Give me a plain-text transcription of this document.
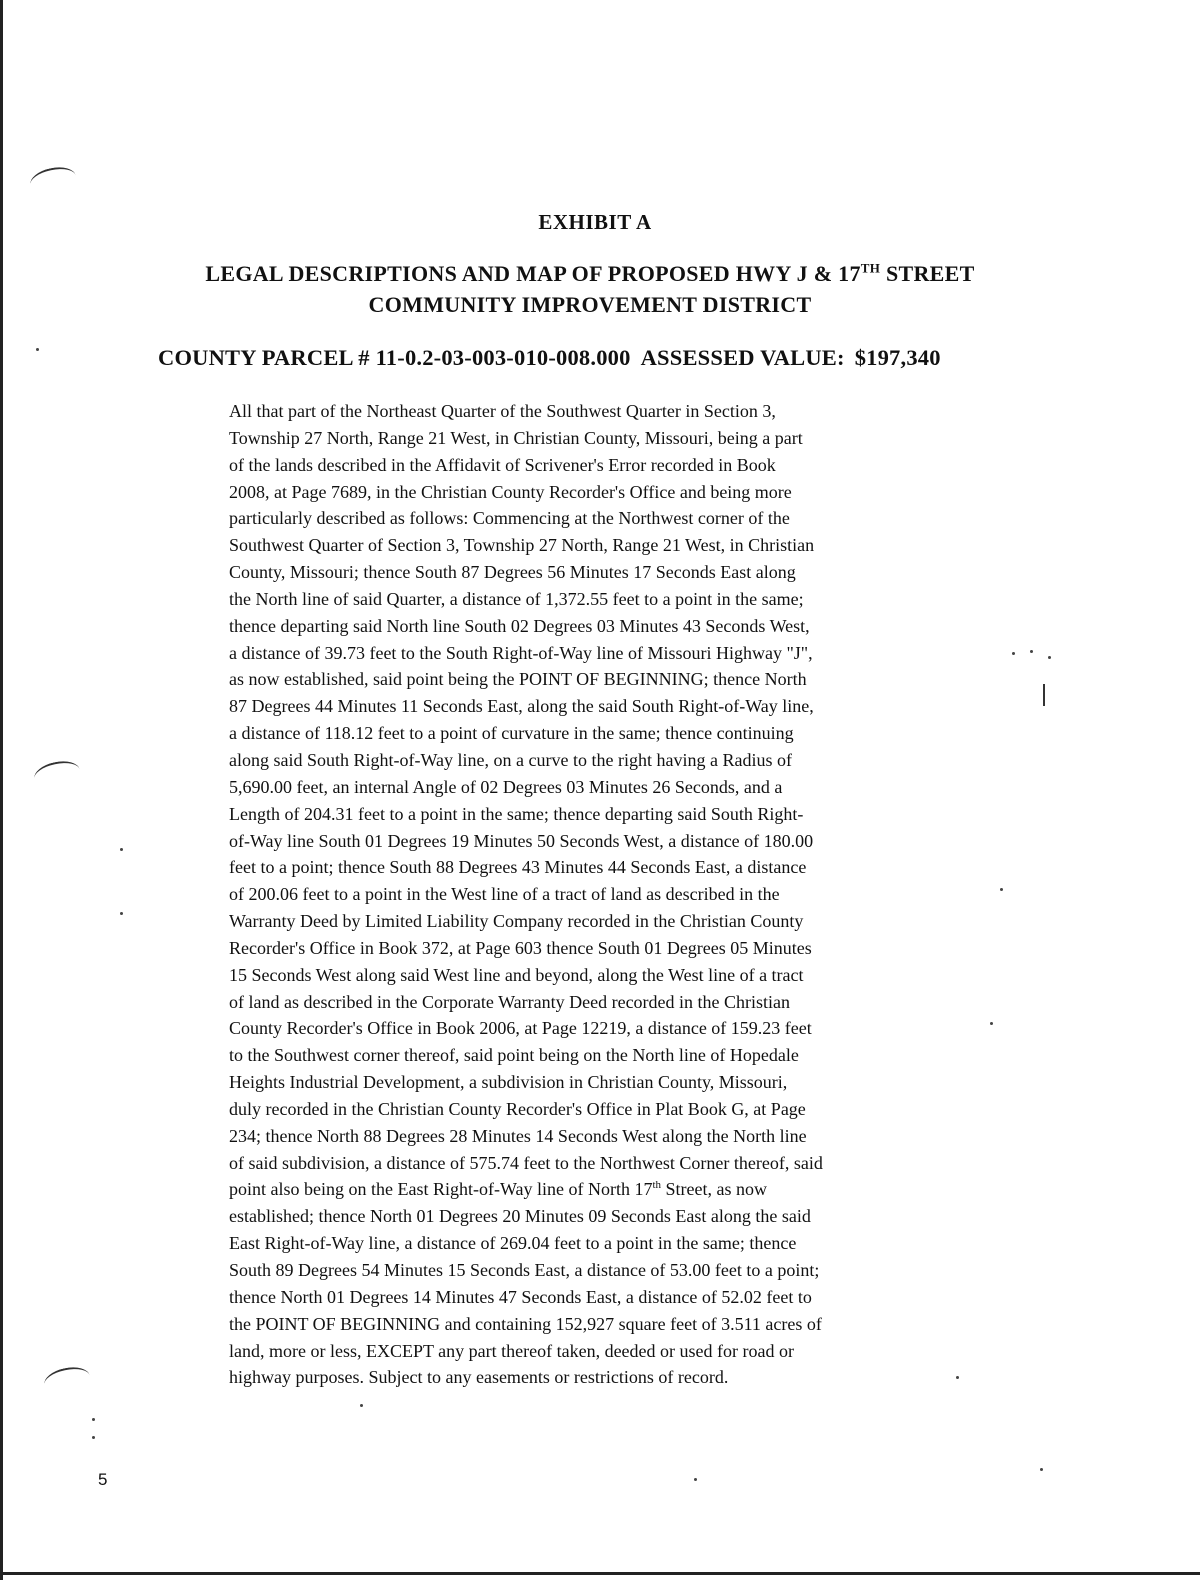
EXHIBIT A
LEGAL DESCRIPTIONS AND MAP OF PROPOSED HWY J & 17TH STREET
COMMUNITY IMPROVEMENT DISTRICT
COUNTY PARCEL # 11-0.2-03-003-010-008.000 ASSESSED VALUE: $197,340
All that part of the Northeast Quarter of the Southwest Quarter in Section 3,
Township 27 North, Range 21 West, in Christian County, Missouri, being a part
of the lands described in the Affidavit of Scrivener's Error recorded in Book
2008, at Page 7689, in the Christian County Recorder's Office and being more
particularly described as follows: Commencing at the Northwest corner of the
Southwest Quarter of Section 3, Township 27 North, Range 21 West, in Christian
County, Missouri; thence South 87 Degrees 56 Minutes 17 Seconds East along
the North line of said Quarter, a distance of 1,372.55 feet to a point in the same;
thence departing said North line South 02 Degrees 03 Minutes 43 Seconds West,
a distance of 39.73 feet to the South Right-of-Way line of Missouri Highway "J",
as now established, said point being the POINT OF BEGINNING; thence North
87 Degrees 44 Minutes 11 Seconds East, along the said South Right-of-Way line,
a distance of 118.12 feet to a point of curvature in the same; thence continuing
along said South Right-of-Way line, on a curve to the right having a Radius of
5,690.00 feet, an internal Angle of 02 Degrees 03 Minutes 26 Seconds, and a
Length of 204.31 feet to a point in the same; thence departing said South Right-
of-Way line South 01 Degrees 19 Minutes 50 Seconds West, a distance of 180.00
feet to a point; thence South 88 Degrees 43 Minutes 44 Seconds East, a distance
of 200.06 feet to a point in the West line of a tract of land as described in the
Warranty Deed by Limited Liability Company recorded in the Christian County
Recorder's Office in Book 372, at Page 603 thence South 01 Degrees 05 Minutes
15 Seconds West along said West line and beyond, along the West line of a tract
of land as described in the Corporate Warranty Deed recorded in the Christian
County Recorder's Office in Book 2006, at Page 12219, a distance of 159.23 feet
to the Southwest corner thereof, said point being on the North line of Hopedale
Heights Industrial Development, a subdivision in Christian County, Missouri,
duly recorded in the Christian County Recorder's Office in Plat Book G, at Page
234; thence North 88 Degrees 28 Minutes 14 Seconds West along the North line
of said subdivision, a distance of 575.74 feet to the Northwest Corner thereof, said
point also being on the East Right-of-Way line of North 17th Street, as now
established; thence North 01 Degrees 20 Minutes 09 Seconds East along the said
East Right-of-Way line, a distance of 269.04 feet to a point in the same; thence
South 89 Degrees 54 Minutes 15 Seconds East, a distance of 53.00 feet to a point;
thence North 01 Degrees 14 Minutes 47 Seconds East, a distance of 52.02 feet to
the POINT OF BEGINNING and containing 152,927 square feet of 3.511 acres of
land, more or less, EXCEPT any part thereof taken, deeded or used for road or
highway purposes. Subject to any easements or restrictions of record.
5
